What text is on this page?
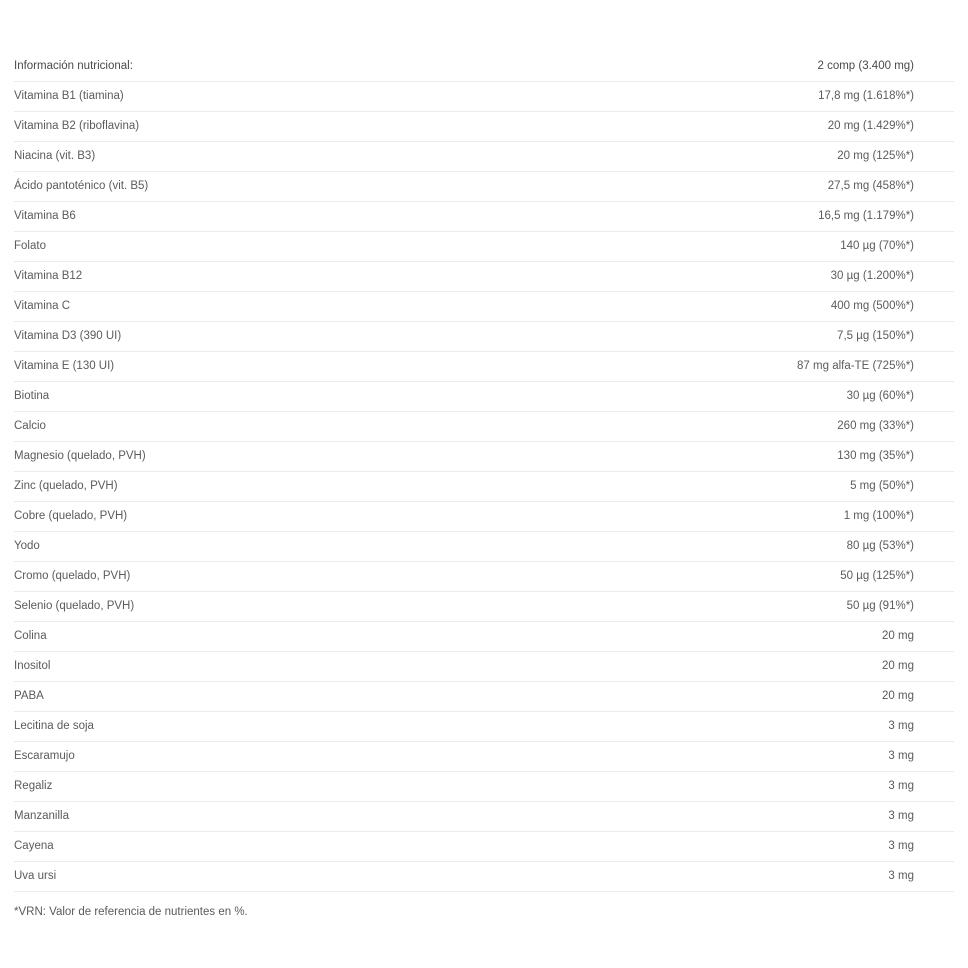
Información nutricional:	2 comp (3.400 mg)
Vitamina B1 (tiamina)	17,8 mg (1.618%*)
Vitamina B2 (riboflavina)	20 mg (1.429%*)
Niacina (vit. B3)	20 mg (125%*)
Ácido pantoténico (vit. B5)	27,5 mg (458%*)
Vitamina B6	16,5 mg (1.179%*)
Folato	140 µg (70%*)
Vitamina B12	30 µg (1.200%*)
Vitamina C	400 mg (500%*)
Vitamina D3 (390 UI)	7,5 µg (150%*)
Vitamina E (130 UI)	87 mg alfa-TE (725%*)
Biotina	30 µg (60%*)
Calcio	260 mg (33%*)
Magnesio (quelado, PVH)	130 mg (35%*)
Zinc (quelado, PVH)	5 mg (50%*)
Cobre (quelado, PVH)	1 mg (100%*)
Yodo	80 µg (53%*)
Cromo (quelado, PVH)	50 µg (125%*)
Selenio (quelado, PVH)	50 µg (91%*)
Colina	20 mg
Inositol	20 mg
PABA	20 mg
Lecitina de soja	3 mg
Escaramujo	3 mg
Regaliz	3 mg
Manzanilla	3 mg
Cayena	3 mg
Uva ursi	3 mg
*VRN: Valor de referencia de nutrientes en %.
